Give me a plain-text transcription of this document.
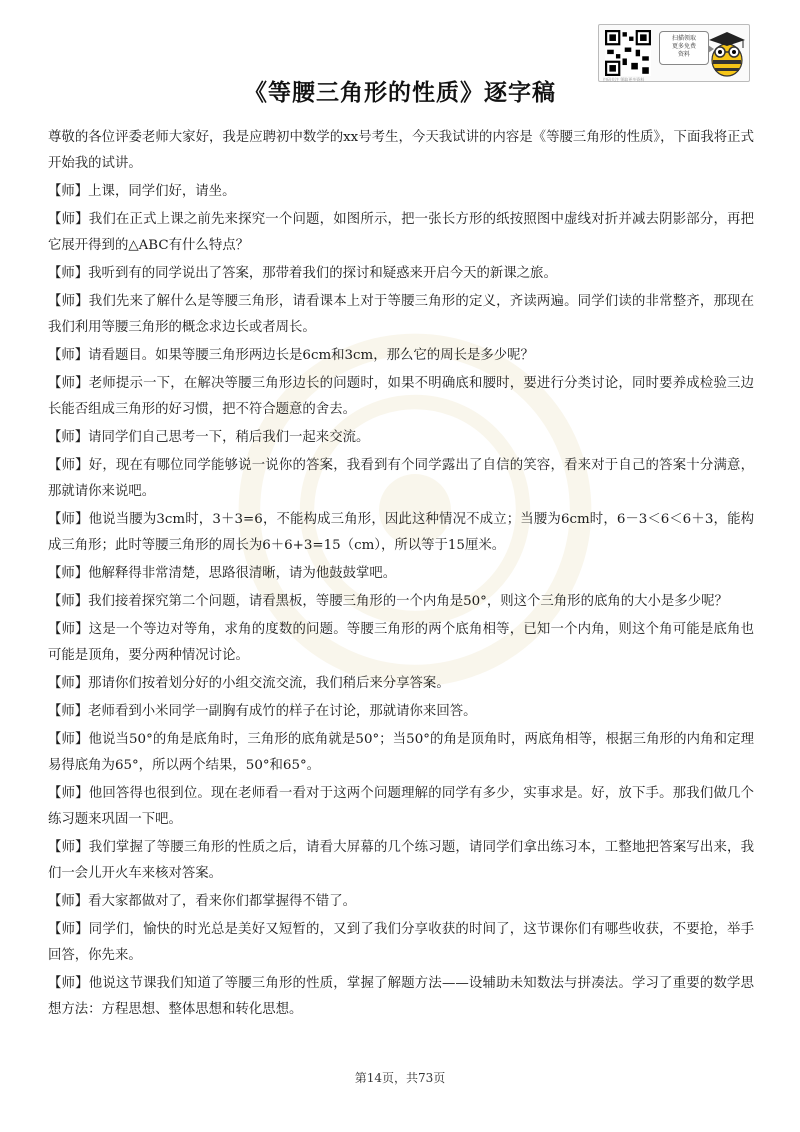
扫描领取
更多免费
资料
扫码关注 领取更多资料
《等腰三角形的性质》逐字稿

尊敬的各位评委老师大家好，我是应聘初中数学的xx号考生，今天我试讲的内容是《等腰三角形的性质》，下面我将正式开始我的试讲。

【师】上课，同学们好，请坐。

【师】我们在正式上课之前先来探究一个问题，如图所示，把一张长方形的纸按照图中虚线对折并减去阴影部分，再把它展开得到的△ABC有什么特点？

【师】我听到有的同学说出了答案，那带着我们的探讨和疑惑来开启今天的新课之旅。

【师】我们先来了解什么是等腰三角形，请看课本上对于等腰三角形的定义，齐读两遍。同学们读的非常整齐，那现在我们利用等腰三角形的概念求边长或者周长。

【师】请看题目。如果等腰三角形两边长是6cm和3cm，那么它的周长是多少呢？

【师】老师提示一下，在解决等腰三角形边长的问题时，如果不明确底和腰时，要进行分类讨论，同时要养成检验三边长能否组成三角形的好习惯，把不符合题意的舍去。

【师】请同学们自己思考一下，稍后我们一起来交流。

【师】好，现在有哪位同学能够说一说你的答案，我看到有个同学露出了自信的笑容，看来对于自己的答案十分满意，那就请你来说吧。

【师】他说当腰为3cm时，3＋3=6，不能构成三角形，因此这种情况不成立；当腰为6cm时，6－3＜6＜6＋3，能构成三角形；此时等腰三角形的周长为6＋6+3=15（cm），所以等于15厘米。

【师】他解释得非常清楚，思路很清晰，请为他鼓鼓掌吧。

【师】我们接着探究第二个问题，请看黑板，等腰三角形的一个内角是50°，则这个三角形的底角的大小是多少呢？

【师】这是一个等边对等角，求角的度数的问题。等腰三角形的两个底角相等，已知一个内角，则这个角可能是底角也可能是顶角，要分两种情况讨论。

【师】那请你们按着划分好的小组交流交流，我们稍后来分享答案。

【师】老师看到小米同学一副胸有成竹的样子在讨论，那就请你来回答。

【师】他说当50°的角是底角时，三角形的底角就是50°；当50°的角是顶角时，两底角相等，根据三角形的内角和定理易得底角为65°，所以两个结果，50°和65°。

【师】他回答得也很到位。现在老师看一看对于这两个问题理解的同学有多少，实事求是。好，放下手。那我们做几个练习题来巩固一下吧。

【师】我们掌握了等腰三角形的性质之后，请看大屏幕的几个练习题，请同学们拿出练习本，工整地把答案写出来，我们一会儿开火车来核对答案。

【师】看大家都做对了，看来你们都掌握得不错了。

【师】同学们，愉快的时光总是美好又短暂的，又到了我们分享收获的时间了，这节课你们有哪些收获，不要抢，举手回答，你先来。

【师】他说这节课我们知道了等腰三角形的性质，掌握了解题方法——设辅助未知数法与拼凑法。学习了重要的数学思想方法：方程思想、整体思想和转化思想。

第14页，共73页
